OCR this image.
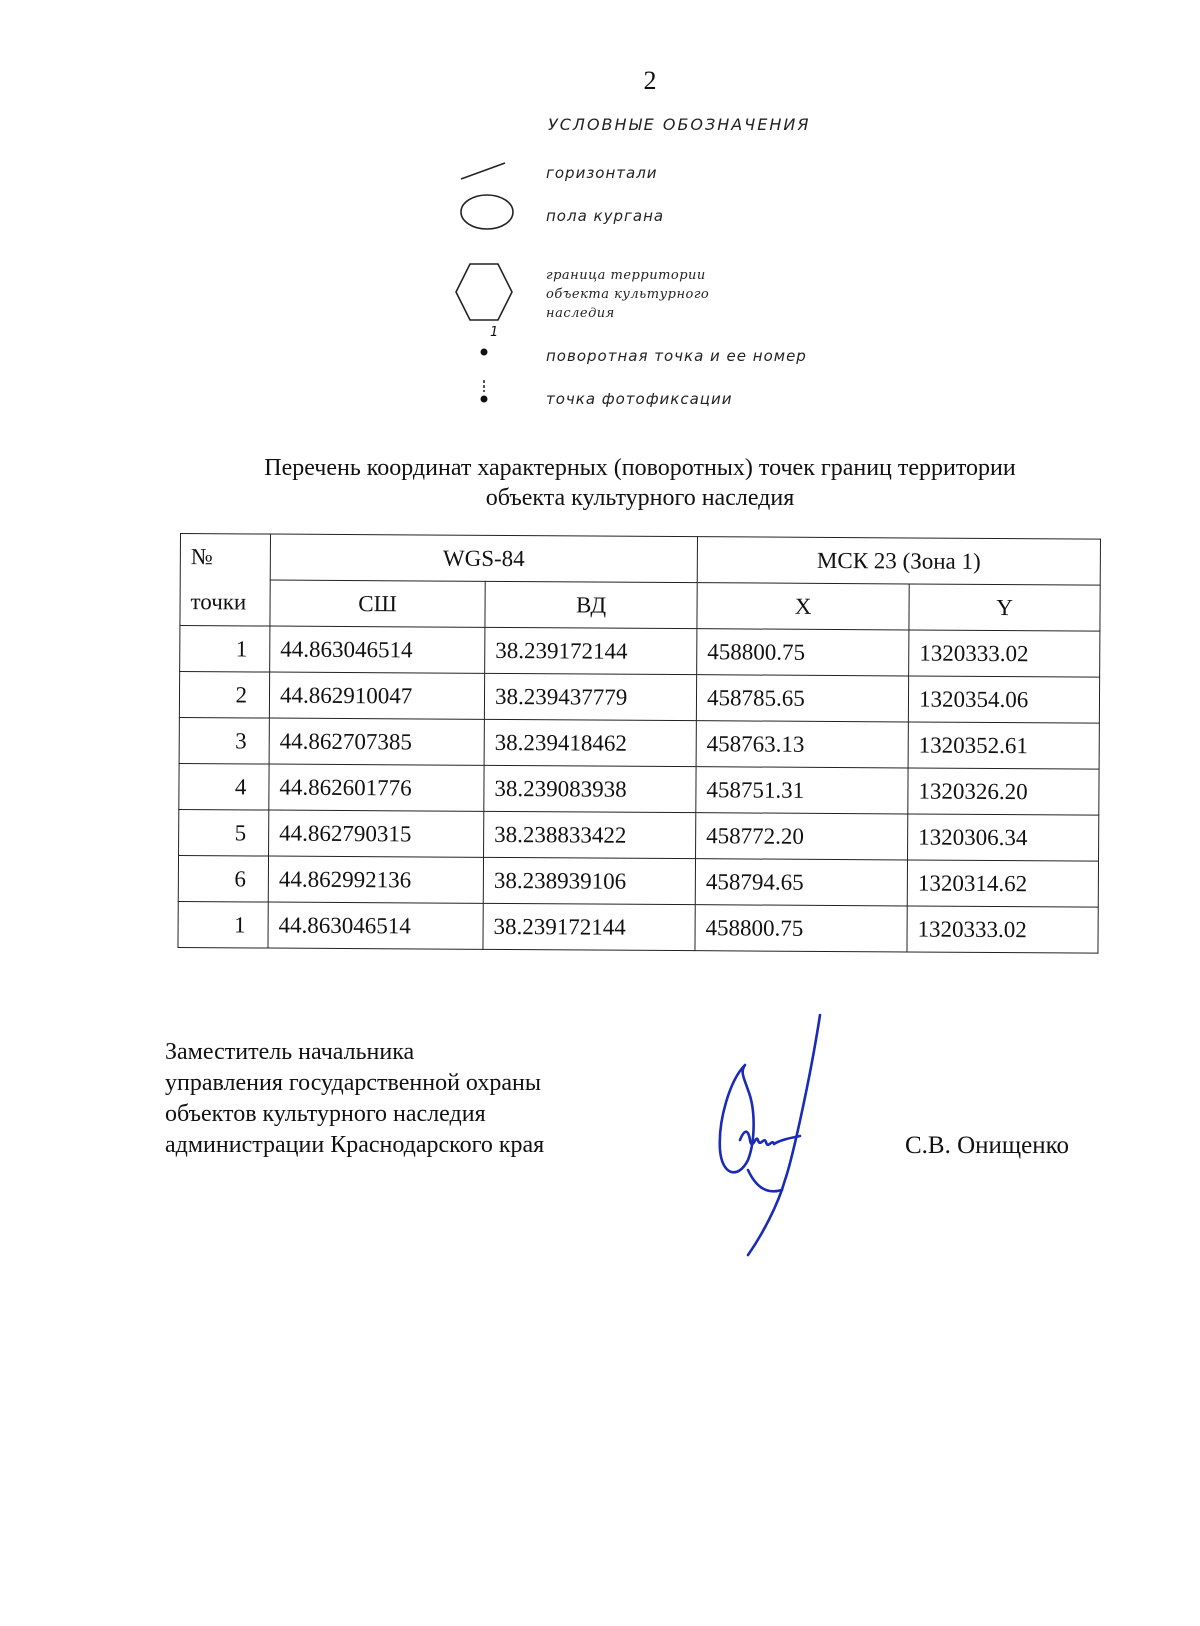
2
УСЛОВНЫЕ ОБОЗНАЧЕНИЯ
горизонтали
пола кургана
граница территории
объекта культурного
наследия
1
поворотная точка и ее номер
точка фотофиксации
Перечень координат характерных (поворотных) точек границ территории
объекта культурного наследия
№
точки	WGS-84		МСК 23 (Зона 1)	
	СШ	ВД	X	Y
1	44.863046514	38.239172144	458800.75	1320333.02
2	44.862910047	38.239437779	458785.65	1320354.06
3	44.862707385	38.239418462	458763.13	1320352.61
4	44.862601776	38.239083938	458751.31	1320326.20
5	44.862790315	38.238833422	458772.20	1320306.34
6	44.862992136	38.238939106	458794.65	1320314.62
1	44.863046514	38.239172144	458800.75	1320333.02
Заместитель начальника
управления государственной охраны
объектов культурного наследия
администрации Краснодарского края	С.В. Онищенко
